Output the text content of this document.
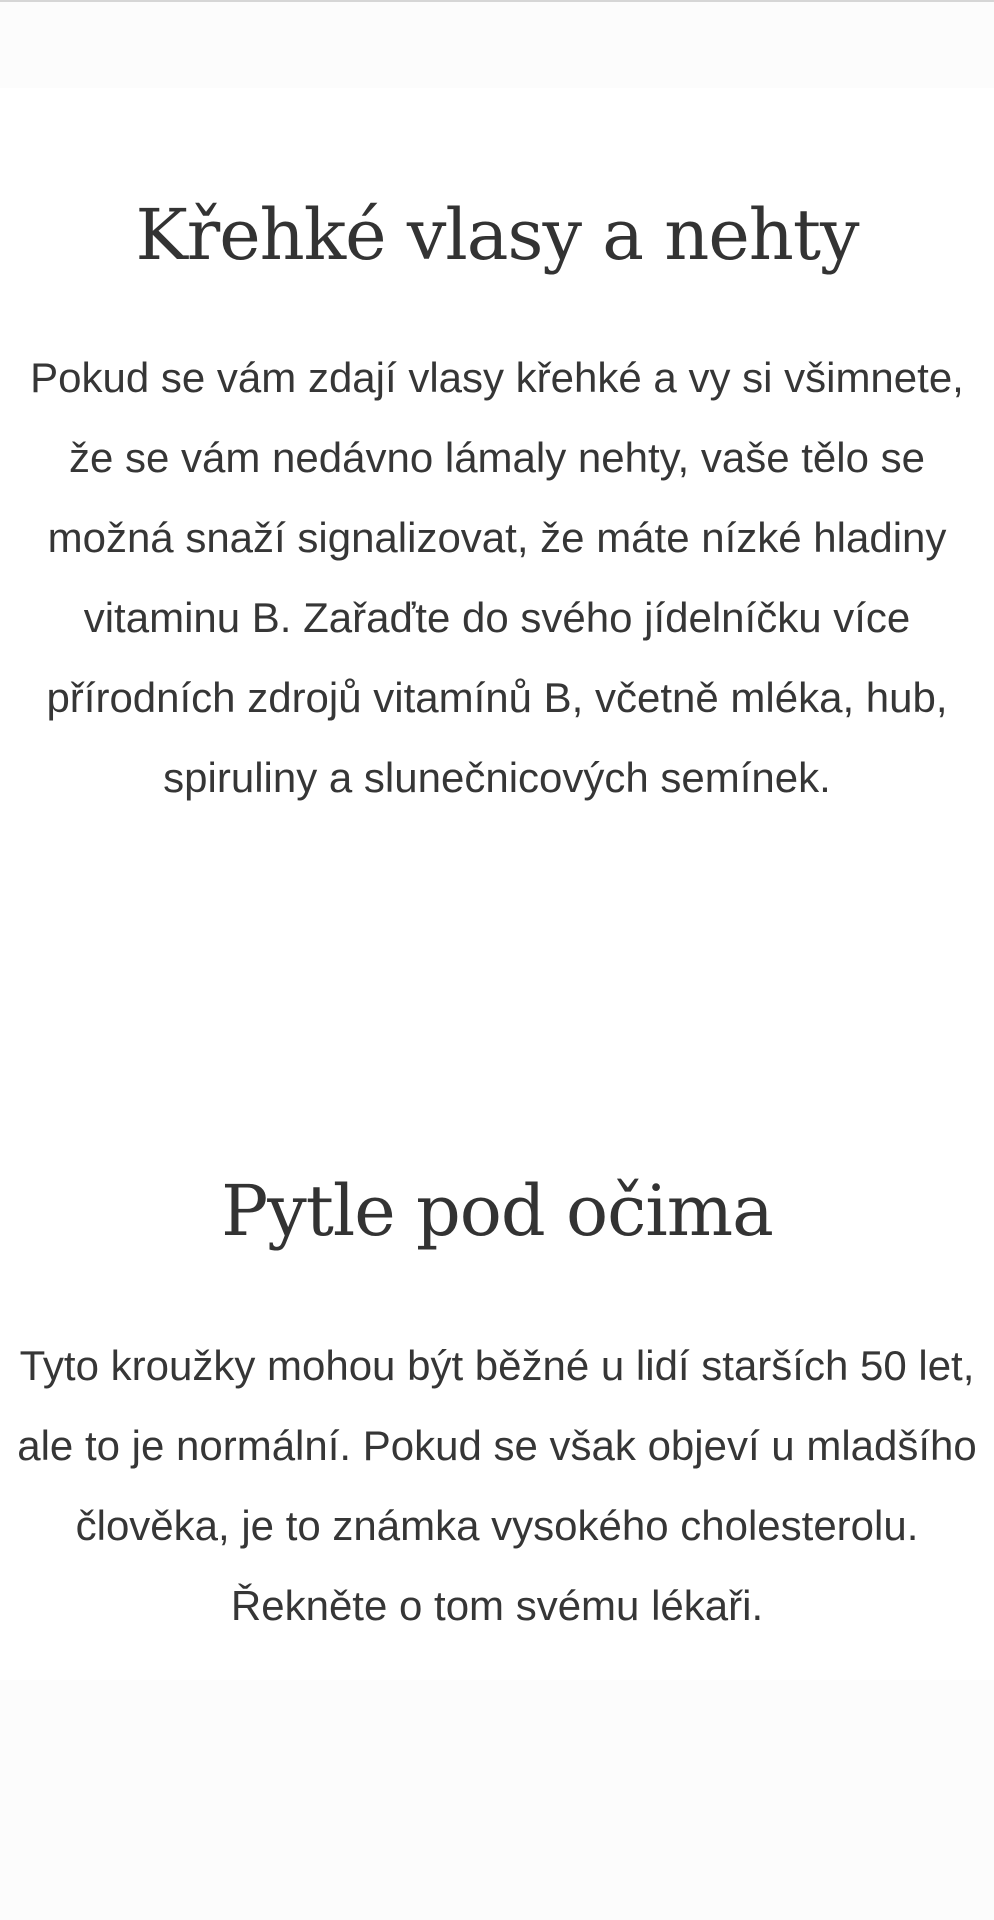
Křehké vlasy a nehty

Pokud se vám zdají vlasy křehké a vy si všimnete, že se vám nedávno lámaly nehty, vaše tělo se možná snaží signalizovat, že máte nízké hladiny vitaminu B. Zařaďte do svého jídelníčku více přírodních zdrojů vitamínů B, včetně mléka, hub, spiruliny a slunečnicových semínek.

Pytle pod očima

Tyto kroužky mohou být běžné u lidí starších 50 let, ale to je normální. Pokud se však objeví u mladšího člověka, je to známka vysokého cholesterolu. Řekněte o tom svému lékaři.
